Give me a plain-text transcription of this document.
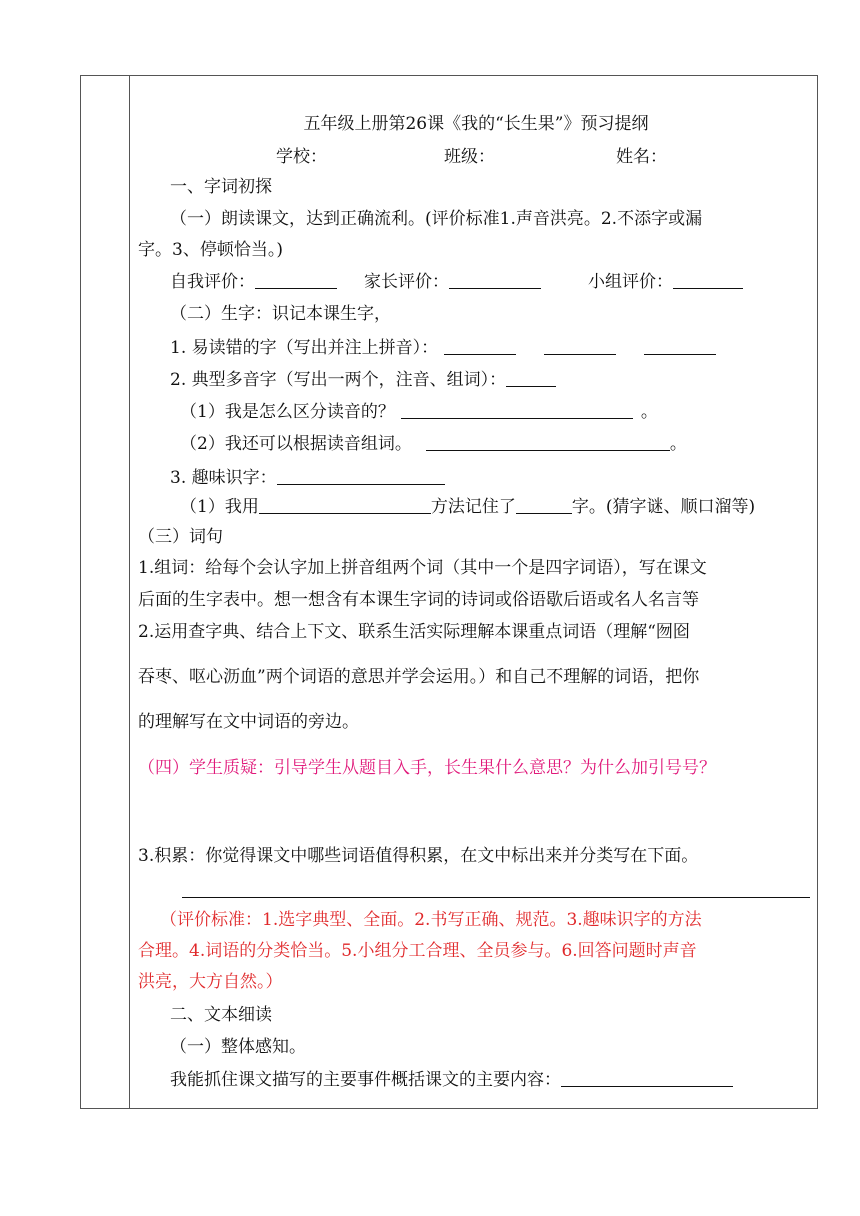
五年级上册第26课《我的“长生果”》预习提纲
学校：	班级：	姓名：
一、字词初探
（一）朗读课文，达到正确流利。(评价标准1.声音洪亮。2.不添字或漏
字。3、停顿恰当。)
自我评价：	家长评价：	小组评价：
（二）生字：识记本课生字，
1. 易读错的字（写出并注上拼音）：
2. 典型多音字（写出一两个，注音、组词）：
（1）我是怎么区分读音的？	。
（2）我还可以根据读音组词。	。
3. 趣味识字：
（1）我用	方法记住了	字。(猜字谜、顺口溜等)
（三）词句
1.组词：给每个会认字加上拼音组两个词（其中一个是四字词语），写在课文
后面的生字表中。想一想含有本课生字词的诗词或俗语歇后语或名人名言等
2.运用查字典、结合上下文、联系生活实际理解本课重点词语（理解“囫囵
吞枣、呕心沥血”两个词语的意思并学会运用。）和自己不理解的词语，把你
的理解写在文中词语的旁边。
（四）学生质疑：引导学生从题目入手，长生果什么意思？为什么加引号号？
3.积累：你觉得课文中哪些词语值得积累，在文中标出来并分类写在下面。
（评价标准：1.选字典型、全面。2.书写正确、规范。3.趣味识字的方法
合理。4.词语的分类恰当。5.小组分工合理、全员参与。6.回答问题时声音
洪亮，大方自然。）
二、文本细读
（一）整体感知。
我能抓住课文描写的主要事件概括课文的主要内容：
